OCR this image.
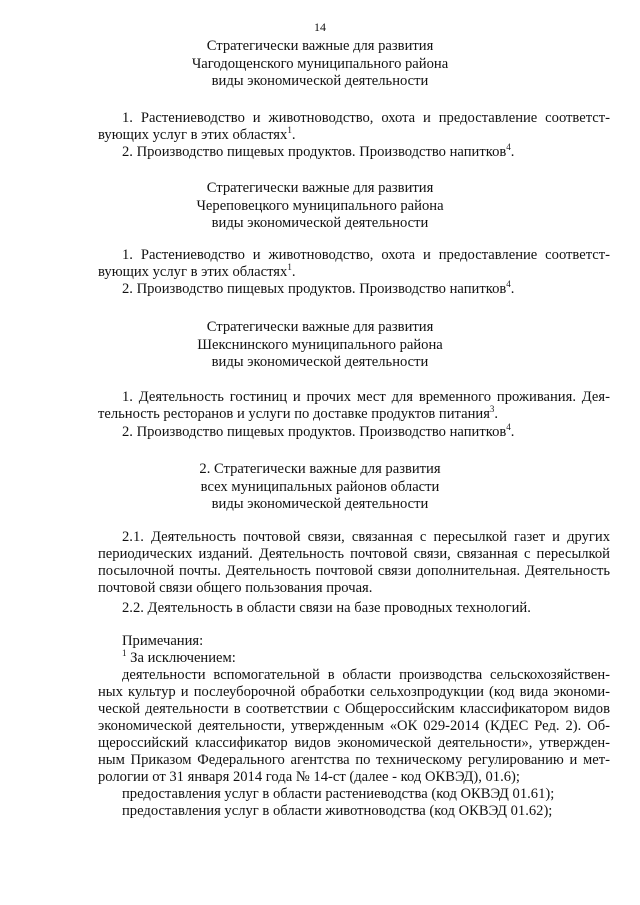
14
Стратегически важные для развития
Чагодощенского муниципального района
виды экономической деятельности
1. Растениеводство и животноводство, охота и предоставление соответст-
вующих услуг в этих областях$^1$.
2. Производство пищевых продуктов. Производство напитков$^4$.
Стратегически важные для развития
Череповецкого муниципального района
виды экономической деятельности
1. Растениеводство и животноводство, охота и предоставление соответст-
вующих услуг в этих областях$^1$.
2. Производство пищевых продуктов. Производство напитков$^4$.
Стратегически важные для развития
Шекснинского муниципального района
виды экономической деятельности
1. Деятельность гостиниц и прочих мест для временного проживания. Дея-
тельность ресторанов и услуги по доставке продуктов питания$^3$.
2. Производство пищевых продуктов. Производство напитков$^4$.
2. Стратегически важные для развития
всех муниципальных районов области
виды экономической деятельности
2.1. Деятельность почтовой связи, связанная с пересылкой газет и других
периодических изданий. Деятельность почтовой связи, связанная с пересылкой
посылочной почты. Деятельность почтовой связи дополнительная. Деятельность
почтовой связи общего пользования прочая.
2.2. Деятельность в области связи на базе проводных технологий.
Примечания:
$^1$ За исключением:
деятельности вспомогательной в области производства сельскохозяйствен-
ных культур и послеуборочной обработки сельхозпродукции (код вида экономи-
ческой деятельности в соответствии с Общероссийским классификатором видов
экономической деятельности, утвержденным «ОК 029-2014 (КДЕС Ред. 2). Об-
щероссийский классификатор видов экономической деятельности», утвержден-
ным Приказом Федерального агентства по техническому регулированию и мет-
рологии от 31 января 2014 года № 14-ст (далее - код ОКВЭД), 01.6);
предоставления услуг в области растениеводства (код ОКВЭД 01.61);
предоставления услуг в области животноводства (код ОКВЭД 01.62);
